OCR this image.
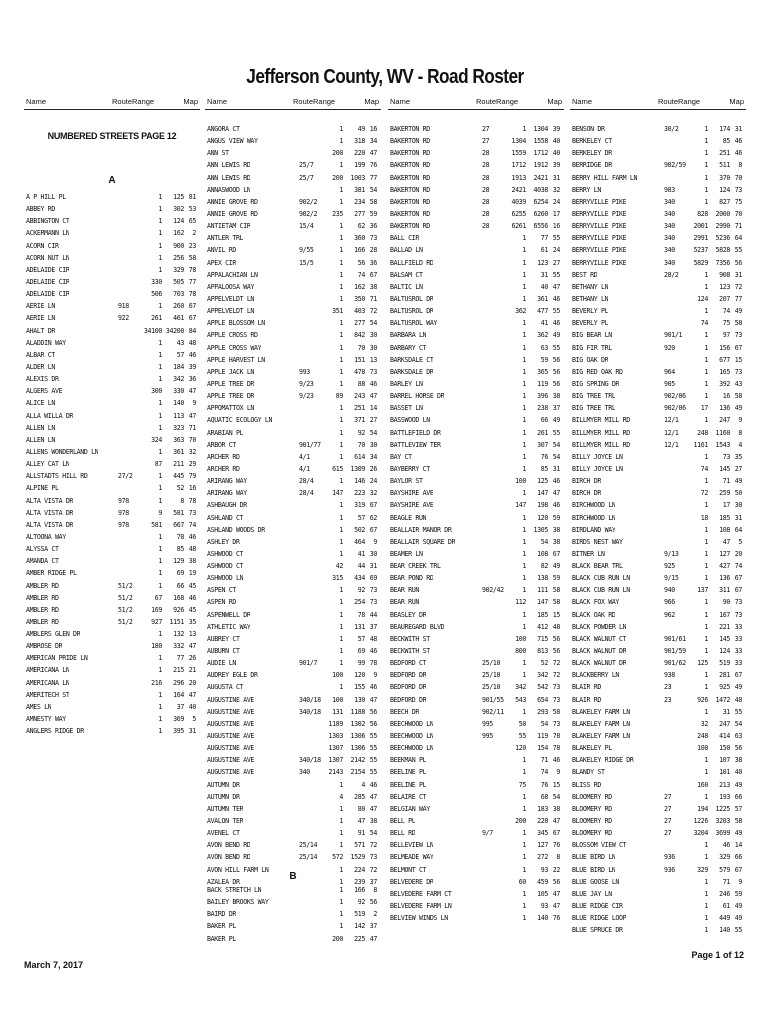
Jefferson County, WV - Road Roster
Name	Route Range	Map
NUMBERED STREETS PAGE 12
A
A P HILL PL	1	125 81
ABBEY RD	1	302 53
ABBINGTON CT	1	124 65
ACKERMANN LN	1	162	2
ACORN CIR	1	900 23
ACORN NUT LN	1	256 58
ADELAIDE CIR	1	329 78
ADELAIDE CIR	330	505 77
ADELAIDE CIR	506	703 78
AERIE LN	918	1	260 67
AERIE LN	922	261	461 67
AHALT DR	34100 34200 84
ALADDIN WAY	1	43 48
ALBAR CT	1	57 46
ALDER LN	1	184 39
ALEXIS DR	1	342 36
ALGERS AVE	300	330 47
ALICE LN	1	140	9
ALLA WILLA DR	1	113 47
ALLEN LN	1	323 71
ALLEN LN	324	363 70
ALLENS WONDERLAND LN	1	361 32
ALLEY CAT LN	87	211 29
ALLSTADTS HILL RD	27/2	1	445 79
ALPINE PL	1	52 16
ALTA VISTA DR	978	1	8 78
ALTA VISTA DR	978	9	581 73
ALTA VISTA DR	978	581	667 74
ALTOONA WAY	1	78 46
ALYSSA CT	1	85 48
AMANDA CT	1	129 38
AMBER RIDGE PL	1	69 19
AMBLER RD	51/2	1	66 45
AMBLER RD	51/2	67	168 46
AMBLER RD	51/2	169	926 45
AMBLER RD	51/2	927	1151 35
AMBLERS GLEN DR	1	132 13
AMBROSE DR	180	332 47
AMERICAN PRIDE LN	1	77 26
AMERICANA LN	1	215 21
AMERICANA LN	216	296 20
AMERITECH ST	1	164 47
AMES LN	1	37 40
AMNESTY WAY	1	369	5
ANGLERS RIDGE DR	1	395 31
Name	Route Range	Map
ANGORA CT	1	49 16
ANGUS VIEW WAY	1	318 34
ANN ST	200	220 47
ANN LEWIS RD	25/7	1	199 76
ANN LEWIS RD	25/7	200	1003 77
ANNASWOOD LN	1	381 54
ANNIE GROVE RD	902/2	1	234 58
ANNIE GROVE RD	902/2	235	277 59
ANTIETAM CIR	15/4	1	62 36
ANTLER TRL	1	360 73
ANVIL RD	9/55	1	166 28
APEX CIR	15/5	1	56 36
APPALACHIAN LN	1	74 67
APPALOOSA WAY	1	162 38
APPELVELDT LN	1	350 71
APPELVELDT LN	351	403 72
APPLE BLOSSOM LN	1	277 54
APPLE CROSS RD	1	842 30
APPLE CROSS WAY	1	70 30
APPLE HARVEST LN	1	151 13
APPLE JACK LN	993	1	478 73
APPLE TREE DR	9/23	1	88 46
APPLE TREE DR	9/23	89	243 47
APPOMATTOX LN	1	251 14
AQUATIC ECOLOGY LN	1	371 27
ARABIAN PL	1	92 54
ARBOR CT	901/77	1	70 30
ARCHER RD	4/1	1	614 34
ARCHER RD	4/1	615	1309 26
ARIRANG WAY	28/4	1	146 24
ARIRANG WAY	28/4	147	223 32
ASHBAUGH DR	1	319 67
ASHLAND CT	1	57 62
ASHLAND WOODS DR	1	502 67
ASHLEY DR	1	464	9
ASHWOOD CT	1	41 30
ASHWOOD CT	42	44 31
ASHWOOD LN	315	434 69
ASPEN CT	1	92 73
ASPEN RD	1	254 73
ASPENWELL DR	1	78 44
ATHLETIC WAY	1	131 37
AUBREY CT	1	57 48
AUBURN CT	1	69 46
AUDIE LN	901/7	1	99 78
AUDREY EGLE DR	100	120	9
AUGUSTA CT	1	155 46
AUGUSTINE AVE	340/18	100	130 47
AUGUSTINE AVE	340/18	131	1188 56
AUGUSTINE AVE	1189	1302 56
AUGUSTINE AVE	1303	1306 55
AUGUSTINE AVE	1307	1306 55
AUGUSTINE AVE	340/18	1307	2142 55
AUGUSTINE AVE	340	2143	2154 55
AUTUMN DR	1	4 46
AUTUMN DR	4	285 47
AUTUMN TER	1	80 47
AVALON TER	1	47 38
AVENEL CT	1	91 54
AVON BEND RD	25/14	1	571 72
AVON BEND RD	25/14	572	1529 73
AVON HILL FARM LN	1	224 72
AZALEA DR	1	239 37
B
BACK STRETCH LN	1	166	8
BAILEY BROOKS WAY	1	92 56
BAIRD DR	1	519	2
BAKER PL	1	142 37
BAKER PL	200	225 47
Name	Route Range	Map
BAKERTON RD	27	1	1304 39
BAKERTON RD	27	1304	1558 40
BAKERTON RD	28	1559	1712 40
BAKERTON RD	28	1712	1912 39
BAKERTON RD	28	1913	2421 31
BAKERTON RD	28	2421	4038 32
BAKERTON RD	28	4039	6254 24
BAKERTON RD	28	6255	6260 17
BAKERTON RD	28	6261	6556 16
BALL CIR	1	77 55
BALLAD LN	1	61 24
BALLFIELD RD	1	123 27
BALSAM CT	1	31 55
BALTIC LN	1	40 47
BALTUSROL DR	1	361 46
BALTUSROL DR	362	477 55
BALTUSROL WAY	1	41 46
BARBARA LN	1	362 49
BARBARY CT	1	63 55
BARKSDALE CT	1	59 56
BARKSDALE DR	1	365 56
BARLEY LN	1	119 56
BARREL HORSE DR	1	396 38
BASSET LN	1	238 37
BASSWOOD LN	1	66 49
BATTLEFIELD DR	1	261 55
BATTLEVIEW TER	1	307 54
BAY CT	1	76 54
BAYBERRY CT	1	85 31
BAYLOR ST	100	125 46
BAYSHIRE AVE	1	147 47
BAYSHIRE AVE	147	198 46
BEAGLE RUN	1	120 59
BEALLAIR MANOR DR	1	1305 38
BEALLAIR SQUARE DR	1	54 38
BEAMER LN	1	108 67
BEAR CREEK TRL	1	82 49
BEAR POND RD	1	138 59
BEAR RUN	902/42	1	111 58
BEAR RUN	112	147 58
BEASLEY DR	1	185 15
BEAUREGARD BLVD	1	412 48
BECKWITH ST	100	715 56
BECKWITH ST	800	813 56
BEDFORD CT	25/10	1	52 72
BEDFORD DR	25/10	1	342 72
BEDFORD DR	25/10	342	542 73
BEDFORD DR	901/55	543	654 73
BEECH DR	902/11	1	293 58
BEECHWOOD LN	995	50	54 73
BEECHWOOD LN	995	55	119 78
BEECHWOOD LN	120	154 78
BEEKMAN PL	1	71 46
BEELINE PL	1	74	9
BEELINE PL	75	76 15
BELAIRE CT	1	68 54
BELGIAN WAY	1	183 38
BELL PL	200	220 47
BELL RD	9/7	1	345 67
BELLEVIEW LN	1	127 76
BELMEADE WAY	1	272	8
BELMONT CT	1	93 22
BELVEDERE DR	60	459 56
BELVEDERE FARM CT	1	105 47
BELVEDERE FARM LN	1	93 47
BELVIEW WINDS LN	1	140 76
Name	Route Range	Map
BENSON DR	30/2	1	174 31
BERKELEY CT	1	85 46
BERKELEY DR	1	251 46
BERRIDGE DR	902/59	1	511	8
BERRY HILL FARM LN	1	370 70
BERRY LN	983	1	124 73
BERRYVILLE PIKE	340	1	827 75
BERRYVILLE PIKE	340	828	2000 70
BERRYVILLE PIKE	340	2001	2990 71
BERRYVILLE PIKE	340	2991	5236 64
BERRYVILLE PIKE	340	5237	5828 55
BERRYVILLE PIKE	340	5829	7356 56
BEST RD	28/2	1	908 31
BETHANY LN	1	123 72
BETHANY LN	124	207 77
BEVERLY PL	1	74 49
BEVERLY PL	74	75 58
BIG BEAR LN	901/1	1	97 73
BIG FIR TRL	920	1	156 67
BIG OAK DR	1	677 15
BIG RED OAK RD	964	1	165 73
BIG SPRING DR	905	1	392 43
BIG TREE TRL	902/06	1	16 58
BIG TREE TRL	902/06	17	136 49
BILLMYER MILL RD	12/1	1	247	9
BILLMYER MILL RD	12/1	248	1160	8
BILLMYER MILL RD	12/1	1161	1543	4
BILLY JOYCE LN	1	73 35
BILLY JOYCE LN	74	145 27
BIRCH DR	1	71 49
BIRCH DR	72	259 50
BIRCHWOOD LN	1	17 30
BIRCHWOOD LN	18	185 31
BIRDLAND WAY	1	108 64
BIRDS NEST WAY	1	47	5
BITNER LN	9/13	1	127 20
BLACK BEAR TRL	925	1	427 74
BLACK CUB RUN LN	9/15	1	136 67
BLACK CUB RUN LN	940	137	311 67
BLACK FOX WAY	966	1	90 73
BLACK OAK RD	962	1	167 73
BLACK POWDER LN	1	221 33
BLACK WALNUT CT	901/61	1	145 33
BLACK WALNUT DR	901/59	1	124 33
BLACK WALNUT DR	901/62	125	519 33
BLACKBERRY LN	938	1	281 67
BLAIR RD	23	1	925 49
BLAIR RD	23	926	1472 48
BLAKELEY FARM LN	1	31 55
BLAKELEY FARM LN	32	247 54
BLAKELEY FARM LN	248	414 63
BLAKELEY PL	100	150 56
BLAKELEY RIDGE DR	1	107 38
BLANDY ST	1	101 40
BLISS RD	160	213 49
BLOOMERY RD	27	1	193 66
BLOOMERY RD	27	194	1225 57
BLOOMERY RD	27	1226	3203 58
BLOOMERY RD	27	3204	3699 49
BLOSSOM VIEW CT	1	46 14
BLUE BIRD LN	936	1	329 66
BLUE BIRD LN	936	329	579 67
BLUE GOOSE LN	1	71	9
BLUE JAY LN	1	246 59
BLUE RIDGE CIR	1	61 49
BLUE RIDGE LOOP	1	449 49
BLUE SPRUCE DR	1	140 55
March 7, 2017
Page 1 of 12
